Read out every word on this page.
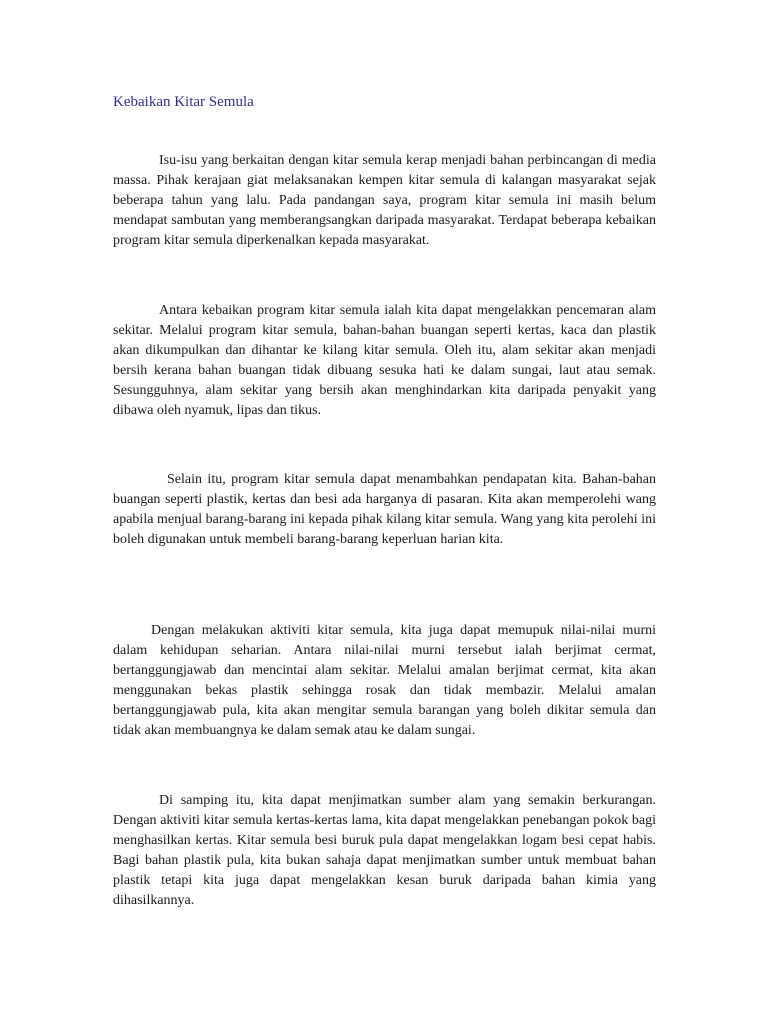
Kebaikan Kitar Semula

Isu-isu yang berkaitan dengan kitar semula kerap menjadi bahan perbincangan di media massa. Pihak kerajaan giat melaksanakan kempen kitar semula di kalangan masyarakat sejak beberapa tahun yang lalu. Pada pandangan saya, program kitar semula ini masih belum mendapat sambutan yang memberangsangkan daripada masyarakat. Terdapat beberapa kebaikan program kitar semula diperkenalkan kepada masyarakat.

Antara kebaikan program kitar semula ialah kita dapat mengelakkan pencemaran alam sekitar. Melalui program kitar semula, bahan-bahan buangan seperti kertas, kaca dan plastik akan dikumpulkan dan dihantar ke kilang kitar semula. Oleh itu, alam sekitar akan menjadi bersih kerana bahan buangan tidak dibuang sesuka hati ke dalam sungai, laut atau semak. Sesungguhnya, alam sekitar yang bersih akan menghindarkan kita daripada penyakit yang dibawa oleh nyamuk, lipas dan tikus.

Selain itu, program kitar semula dapat menambahkan pendapatan kita. Bahan-bahan buangan seperti plastik, kertas dan besi ada harganya di pasaran. Kita akan memperolehi wang apabila menjual barang-barang ini kepada pihak kilang kitar semula. Wang yang kita perolehi ini boleh digunakan untuk membeli barang-barang keperluan harian kita.

Dengan melakukan aktiviti kitar semula, kita juga dapat memupuk nilai-nilai murni dalam kehidupan seharian. Antara nilai-nilai murni tersebut ialah berjimat cermat, bertanggungjawab dan mencintai alam sekitar. Melalui amalan berjimat cermat, kita akan menggunakan bekas plastik sehingga rosak dan tidak membazir. Melalui amalan bertanggungjawab pula, kita akan mengitar semula barangan yang boleh dikitar semula dan tidak akan membuangnya ke dalam semak atau ke dalam sungai.

Di samping itu, kita dapat menjimatkan sumber alam yang semakin berkurangan. Dengan aktiviti kitar semula kertas-kertas lama, kita dapat mengelakkan penebangan pokok bagi menghasilkan kertas. Kitar semula besi buruk pula dapat mengelakkan logam besi cepat habis. Bagi bahan plastik pula, kita bukan sahaja dapat menjimatkan sumber untuk membuat bahan plastik tetapi kita juga dapat mengelakkan kesan buruk daripada bahan kimia yang dihasilkannya.
